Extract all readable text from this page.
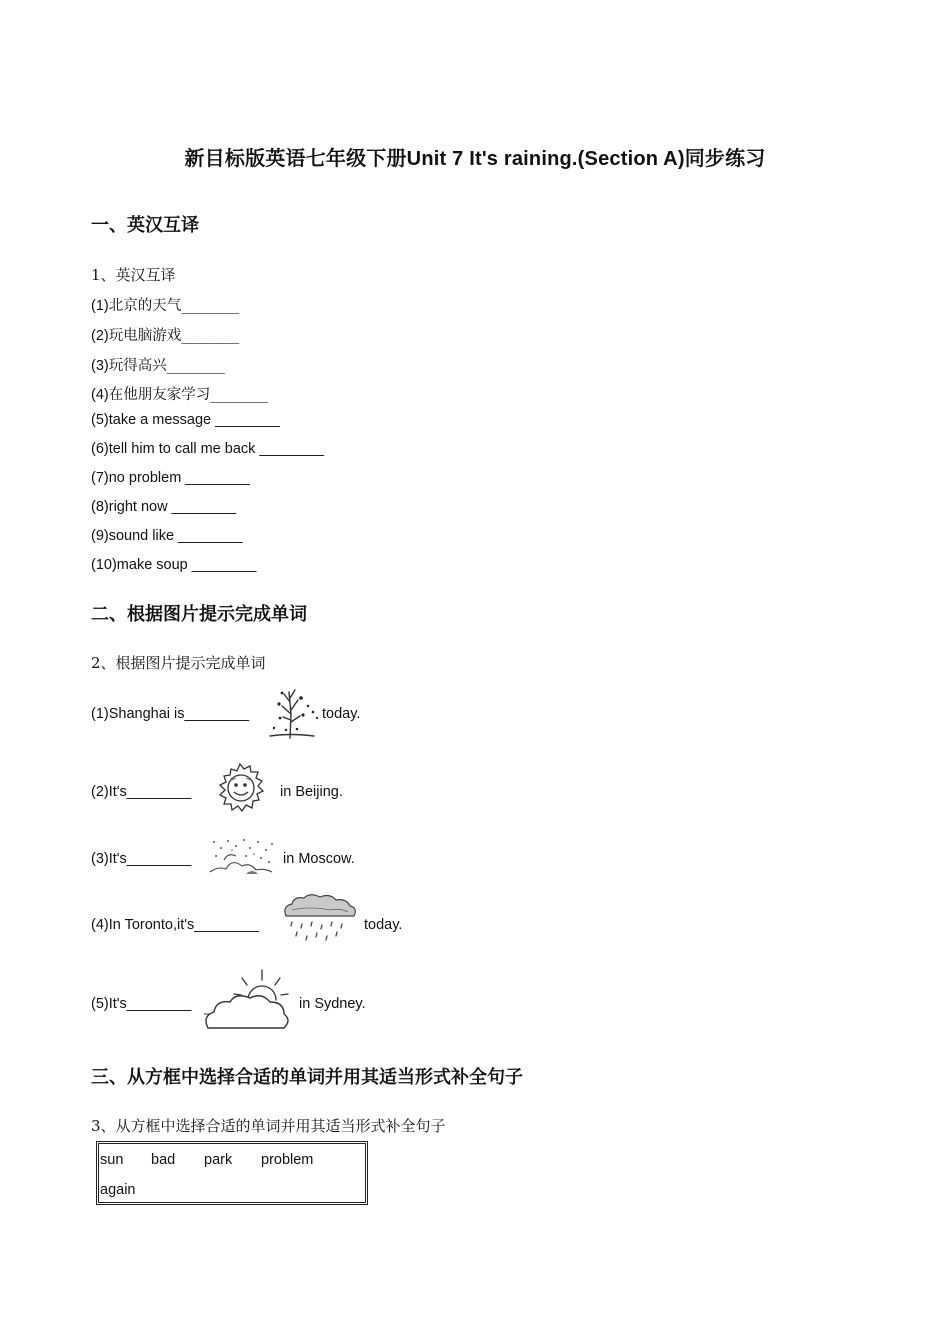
新目标版英语七年级下册Unit 7 It's raining.(Section A)同步练习
一、英汉互译
1、英汉互译
(1)北京的天气________
(2)玩电脑游戏________
(3)玩得高兴________
(4)在他朋友家学习________
(5)take a message ________
(6)tell him to call me back ________
(7)no problem ________
(8)right now ________
(9)sound like ________
(10)make soup ________
二、根据图片提示完成单词
2、根据图片提示完成单词
(1)Shanghai is________	today.
(2)It's________	in Beijing.
(3)It's________	in Moscow.
(4)In Toronto,it's________	today.
(5)It's________	in Sydney.
三、从方框中选择合适的单词并用其适当形式补全句子
3、从方框中选择合适的单词并用其适当形式补全句子
sun bad park problem
again
